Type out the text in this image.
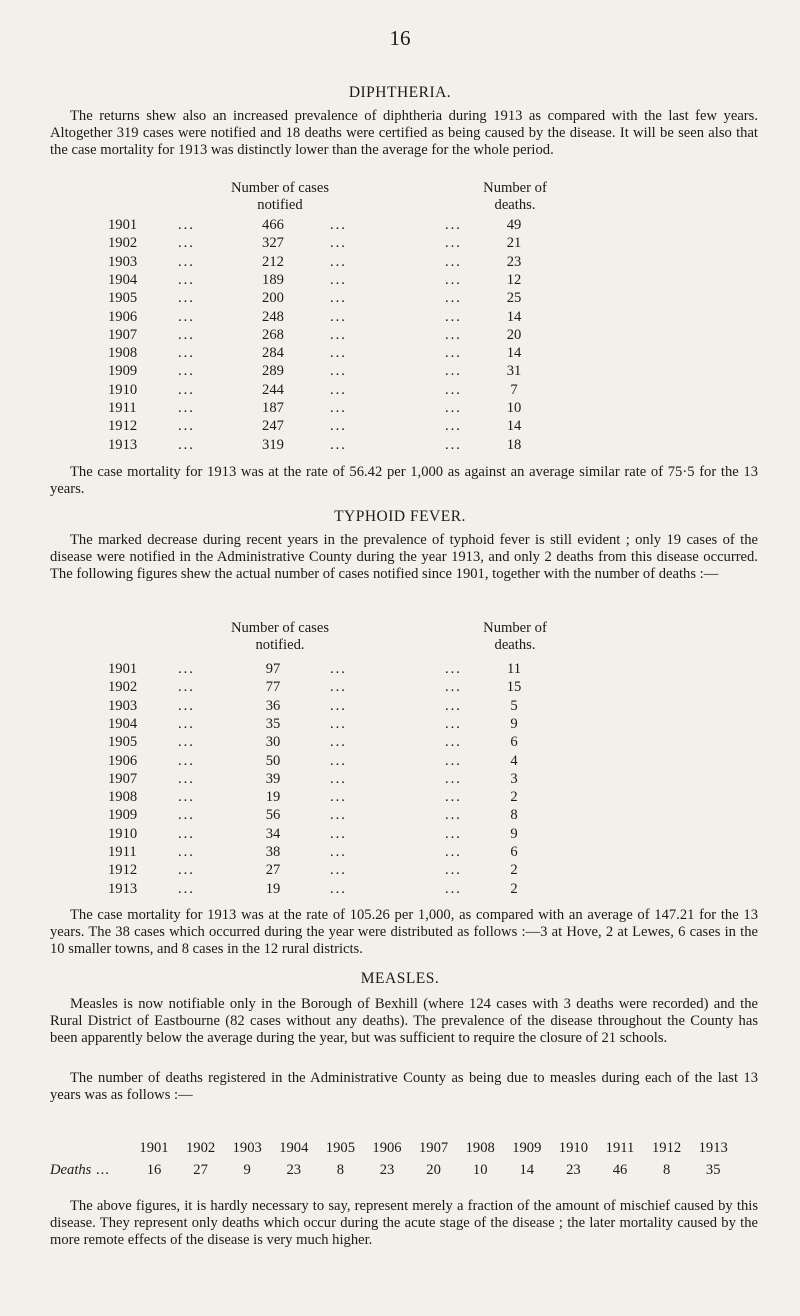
16
DIPHTHERIA.

The returns shew also an increased prevalence of diphtheria during 1913 as compared with the last few years. Altogether 319 cases were notified and 18 deaths were certified as being caused by the disease. It will be seen also that the case mortality for 1913 was distinctly lower than the average for the whole period.

Number of cases
notified
Number of
deaths.
1901	...	466	...	...	49
1902	...	327	...	...	21
1903	...	212	...	...	23
1904	...	189	...	...	12
1905	...	200	...	...	25
1906	...	248	...	...	14
1907	...	268	...	...	20
1908	...	284	...	...	14
1909	...	289	...	...	31
1910	...	244	...	...	7
1911	...	187	...	...	10
1912	...	247	...	...	14
1913	...	319	...	...	18

The case mortality for 1913 was at the rate of 56.42 per 1,000 as against an average similar rate of 75·5 for the 13 years.

TYPHOID FEVER.

The marked decrease during recent years in the prevalence of typhoid fever is still evident ; only 19 cases of the disease were notified in the Administrative County during the year 1913, and only 2 deaths from this disease occurred. The following figures shew the actual number of cases notified since 1901, together with the number of deaths :—

Number of cases
notified.
Number of
deaths.
1901	...	97	...	...	11
1902	...	77	...	...	15
1903	...	36	...	...	5
1904	...	35	...	...	9
1905	...	30	...	...	6
1906	...	50	...	...	4
1907	...	39	...	...	3
1908	...	19	...	...	2
1909	...	56	...	...	8
1910	...	34	...	...	9
1911	...	38	...	...	6
1912	...	27	...	...	2
1913	...	19	...	...	2

The case mortality for 1913 was at the rate of 105.26 per 1,000, as compared with an average of 147.21 for the 13 years. The 38 cases which occurred during the year were distributed as follows :—3 at Hove, 2 at Lewes, 6 cases in the 10 smaller towns, and 8 cases in the 12 rural districts.

MEASLES.

Measles is now notifiable only in the Borough of Bexhill (where 124 cases with 3 deaths were recorded) and the Rural District of Eastbourne (82 cases without any deaths). The prevalence of the disease throughout the County has been apparently below the average during the year, but was sufficient to require the closure of 21 schools.

The number of deaths registered in the Administrative County as being due to measles during each of the last 13 years was as follows :—

1901	1902	1903	1904	1905	1906	1907	1908	1909	1910	1911	1912	1913
Deaths ...	16	27	9	23	8	23	20	10	14	23	46	8	35

The above figures, it is hardly necessary to say, represent merely a fraction of the amount of mischief caused by this disease. They represent only deaths which occur during the acute stage of the disease ; the later mortality caused by the more remote effects of the disease is very much higher.
